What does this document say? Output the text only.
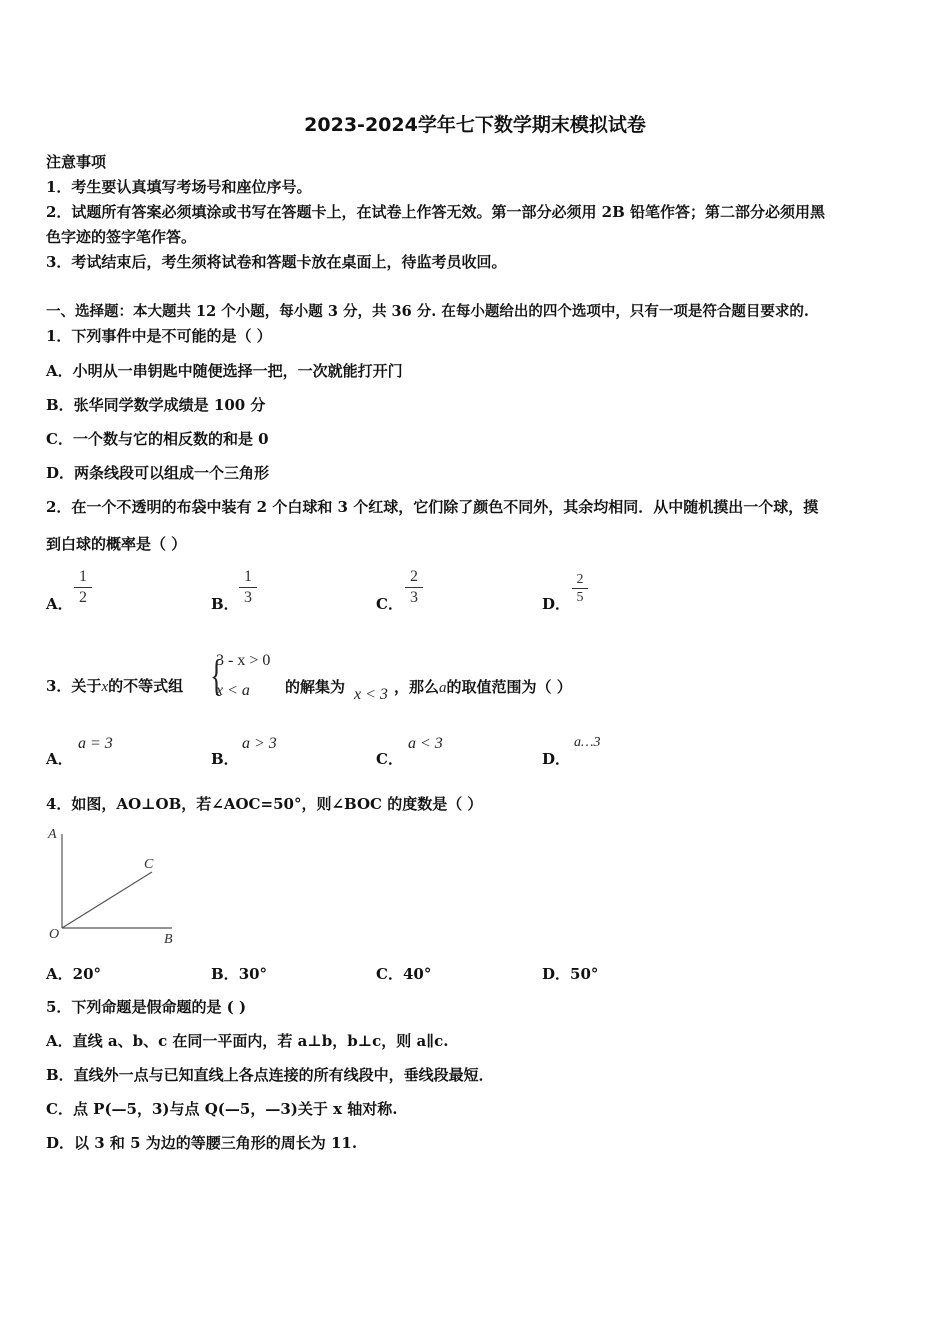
2023-2024学年七下数学期末模拟试卷
注意事项
1．考生要认真填写考场号和座位序号。
2．试题所有答案必须填涂或书写在答题卡上，在试卷上作答无效。第一部分必须用 2B 铅笔作答；第二部分必须用黑
色字迹的签字笔作答。
3．考试结束后，考生须将试卷和答题卡放在桌面上，待监考员收回。
一、选择题：本大题共 12 个小题，每小题 3 分，共 36 分. 在每小题给出的四个选项中，只有一项是符合题目要求的.
1．下列事件中是不可能的是（ ）
A．小明从一串钥匙中随便选择一把，一次就能打开门
B．张华同学数学成绩是 100 分
C．一个数与它的相反数的和是 0
D．两条线段可以组成一个三角形
2．在一个不透明的布袋中装有 2 个白球和 3 个红球，它们除了颜色不同外，其余均相同．从中随机摸出一个球，摸
到白球的概率是（ ）
A．
1
2	B．
1
3	C．
2
3	D．
2
5
3．关于x的不等式组 {
3 - x > 0
x < a 的解集为 x < 3 ，那么a的取值范围为（ ）
A．
a = 3
B．
a > 3
C．
a < 3
D．
a…3
4．如图，AO⊥OB，若∠AOC=50°，则∠BOC 的度数是（ ）
A
C
O	B
A．20°	B．30°	C．40°	D．50°
5．下列命题是假命题的是 ( )
A．直线 a、b、c 在同一平面内，若 a⊥b，b⊥c，则 a∥c.
B．直线外一点与已知直线上各点连接的所有线段中，垂线段最短．
C．点 P(—5，3)与点 Q(—5，—3)关于 x 轴对称.
D．以 3 和 5 为边的等腰三角形的周长为 11.
